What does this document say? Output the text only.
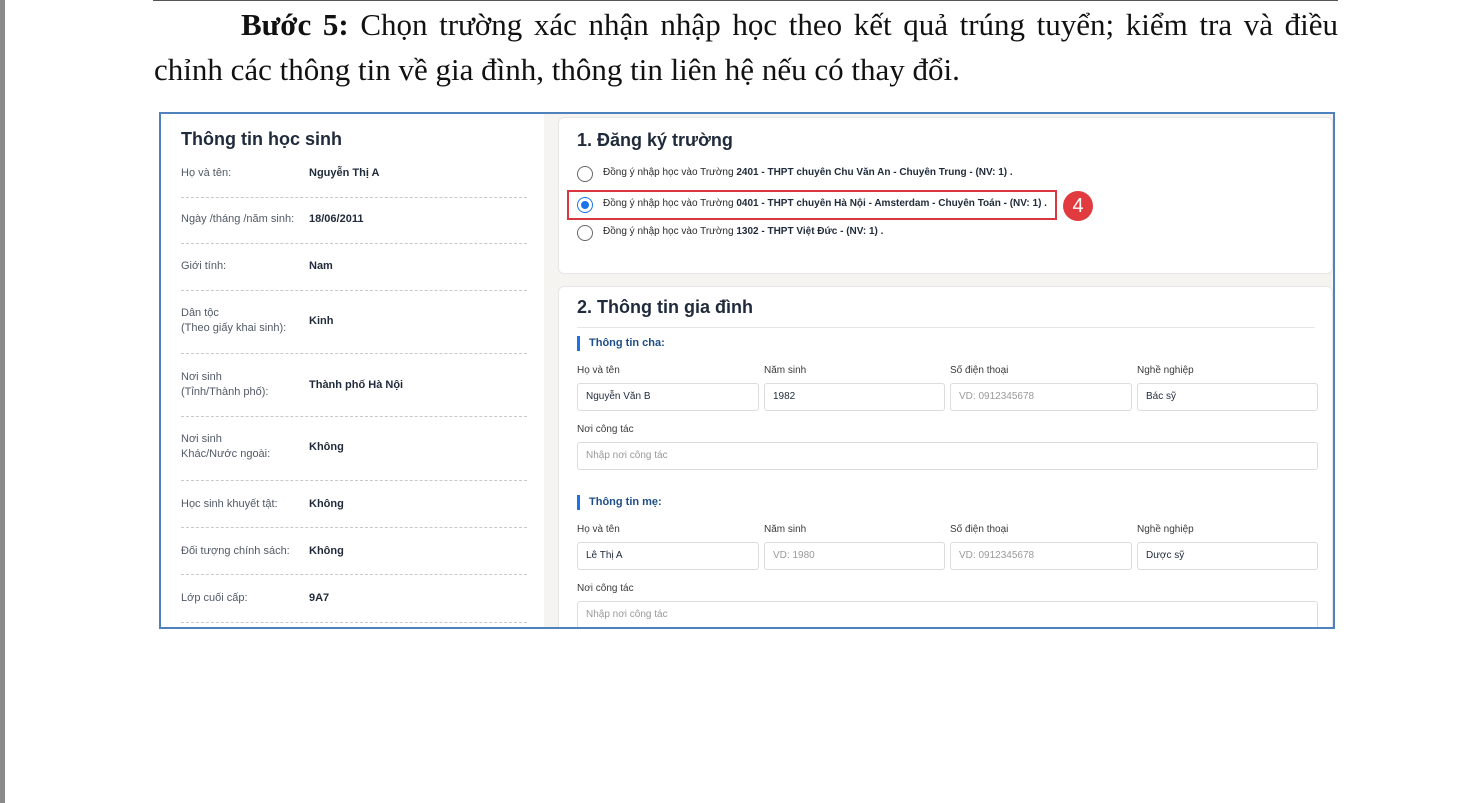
Bước 5: Chọn trường xác nhận nhập học theo kết quả trúng tuyển; kiểm tra và điều chỉnh các thông tin về gia đình, thông tin liên hệ nếu có thay đổi.

Thông tin học sinh
Họ và tên:	Nguyễn Thị A
Ngày /tháng /năm sinh: 18/06/2011
Giới tính:	Nam
Dân tộc
(Theo giấy khai sinh):
Kinh
Nơi sinh
(Tỉnh/Thành phố):
Thành phố Hà Nội
Nơi sinh
Khác/Nước ngoài:
Không
Học sinh khuyết tật:	Không
Đối tượng chính sách: Không
Lớp cuối cấp:	9A7
1. Đăng ký trường
Đồng ý nhập học vào Trường 2401 - THPT chuyên Chu Văn An - Chuyên Trung - (NV: 1) .
Đồng ý nhập học vào Trường 0401 - THPT chuyên Hà Nội - Amsterdam - Chuyên Toán - (NV: 1) .	4
Đồng ý nhập học vào Trường 1302 - THPT Việt Đức - (NV: 1) .
2. Thông tin gia đình
Thông tin cha:
Họ và tên	Năm sinh	Số điện thoại	Nghề nghiệp
Nguyễn Văn B	1982	VD: 0912345678	Bác sỹ
Nơi công tác
Nhập nơi công tác
Thông tin mẹ:
Họ và tên	Năm sinh	Số điện thoại	Nghề nghiệp
Lê Thị A	VD: 1980	VD: 0912345678	Dược sỹ
Nơi công tác
Nhập nơi công tác
